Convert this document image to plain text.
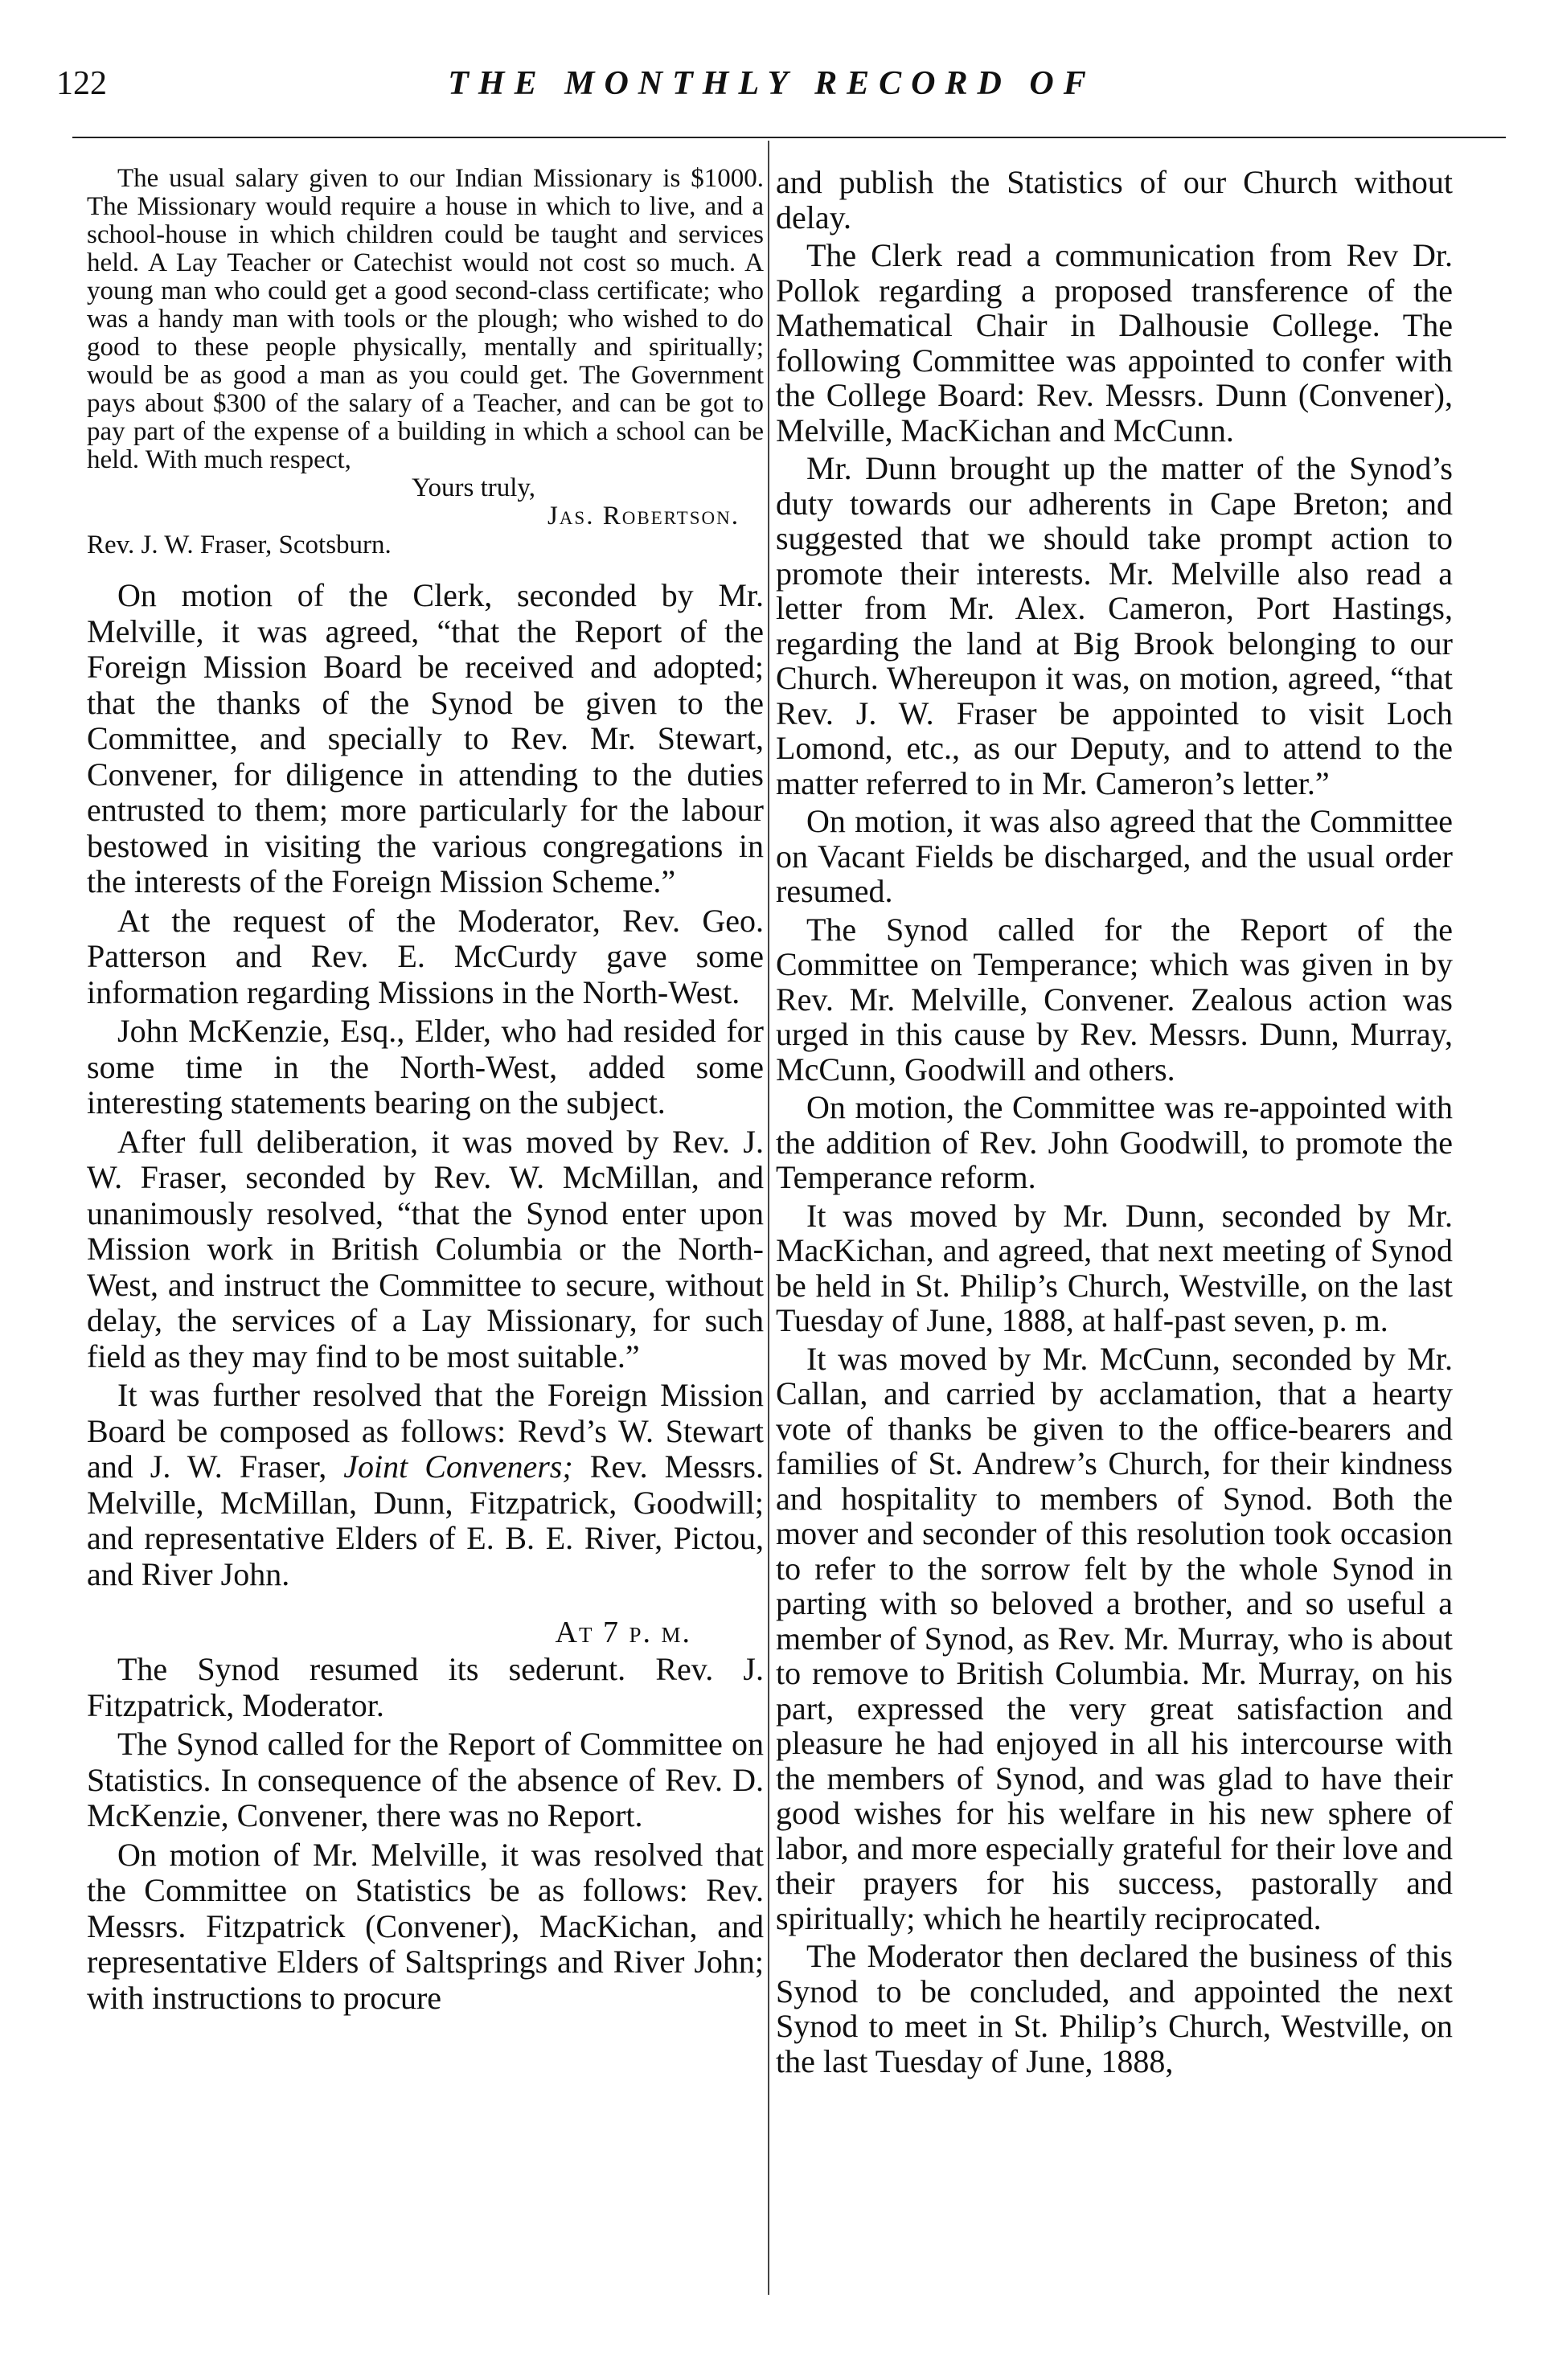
122	THE MONTHLY RECORD OF

The usual salary given to our Indian Missionary is $1000. The Missionary would require a house in which to live, and a school-house in which children could be taught and services held. A Lay Teacher or Catechist would not cost so much. A young man who could get a good second-class certificate; who was a handy man with tools or the plough; who wished to do good to these people physically, mentally and spiritually; would be as good a man as you could get. The Government pays about $300 of the salary of a Teacher, and can be got to pay part of the expense of a building in which a school can be held. With much respect,

Yours truly,

Jas. Robertson.

Rev. J. W. Fraser, Scotsburn.

On motion of the Clerk, seconded by Mr. Melville, it was agreed, “that the Report of the Foreign Mission Board be received and adopted; that the thanks of the Synod be given to the Committee, and specially to Rev. Mr. Stewart, Convener, for diligence in attending to the duties entrusted to them; more particularly for the labour bestowed in visiting the various congregations in the interests of the Foreign Mission Scheme.”

At the request of the Moderator, Rev. Geo. Patterson and Rev. E. McCurdy gave some information regarding Missions in the North-West.

John McKenzie, Esq., Elder, who had resided for some time in the North-West, added some interesting statements bearing on the subject.

After full deliberation, it was moved by Rev. J. W. Fraser, seconded by Rev. W. McMillan, and unanimously resolved, “that the Synod enter upon Mission work in British Columbia or the North-West, and instruct the Committee to secure, without delay, the services of a Lay Missionary, for such field as they may find to be most suitable.”

It was further resolved that the Foreign Mission Board be composed as follows: Revd’s W. Stewart and J. W. Fraser, Joint Conveners; Rev. Messrs. Melville, McMillan, Dunn, Fitzpatrick, Goodwill; and representative Elders of E. B. E. River, Pictou, and River John.

At 7 p. m.

The Synod resumed its sederunt. Rev. J. Fitzpatrick, Moderator.

The Synod called for the Report of Committee on Statistics. In consequence of the absence of Rev. D. McKenzie, Convener, there was no Report.

On motion of Mr. Melville, it was resolved that the Committee on Statistics be as follows: Rev. Messrs. Fitzpatrick (Convener), MacKichan, and representative Elders of Saltsprings and River John; with instructions to procure

and publish the Statistics of our Church without delay.

The Clerk read a communication from Rev Dr. Pollok regarding a proposed transference of the Mathematical Chair in Dalhousie College. The following Committee was appointed to confer with the College Board: Rev. Messrs. Dunn (Convener), Melville, MacKichan and McCunn.

Mr. Dunn brought up the matter of the Synod’s duty towards our adherents in Cape Breton; and suggested that we should take prompt action to promote their interests. Mr. Melville also read a letter from Mr. Alex. Cameron, Port Hastings, regarding the land at Big Brook belonging to our Church. Whereupon it was, on motion, agreed, “that Rev. J. W. Fraser be appointed to visit Loch Lomond, etc., as our Deputy, and to attend to the matter referred to in Mr. Cameron’s letter.”

On motion, it was also agreed that the Committee on Vacant Fields be discharged, and the usual order resumed.

The Synod called for the Report of the Committee on Temperance; which was given in by Rev. Mr. Melville, Convener. Zealous action was urged in this cause by Rev. Messrs. Dunn, Murray, McCunn, Goodwill and others.

On motion, the Committee was re-appointed with the addition of Rev. John Goodwill, to promote the Temperance reform.

It was moved by Mr. Dunn, seconded by Mr. MacKichan, and agreed, that next meeting of Synod be held in St. Philip’s Church, Westville, on the last Tuesday of June, 1888, at half-past seven, p. m.

It was moved by Mr. McCunn, seconded by Mr. Callan, and carried by acclamation, that a hearty vote of thanks be given to the office-bearers and families of St. Andrew’s Church, for their kindness and hospitality to members of Synod. Both the mover and seconder of this resolution took occasion to refer to the sorrow felt by the whole Synod in parting with so beloved a brother, and so useful a member of Synod, as Rev. Mr. Murray, who is about to remove to British Columbia. Mr. Murray, on his part, expressed the very great satisfaction and pleasure he had enjoyed in all his intercourse with the members of Synod, and was glad to have their good wishes for his welfare in his new sphere of labor, and more especially grateful for their love and their prayers for his success, pastorally and spiritually; which he heartily reciprocated.

The Moderator then declared the business of this Synod to be concluded, and appointed the next Synod to meet in St. Philip’s Church, Westville, on the last Tuesday of June, 1888,
